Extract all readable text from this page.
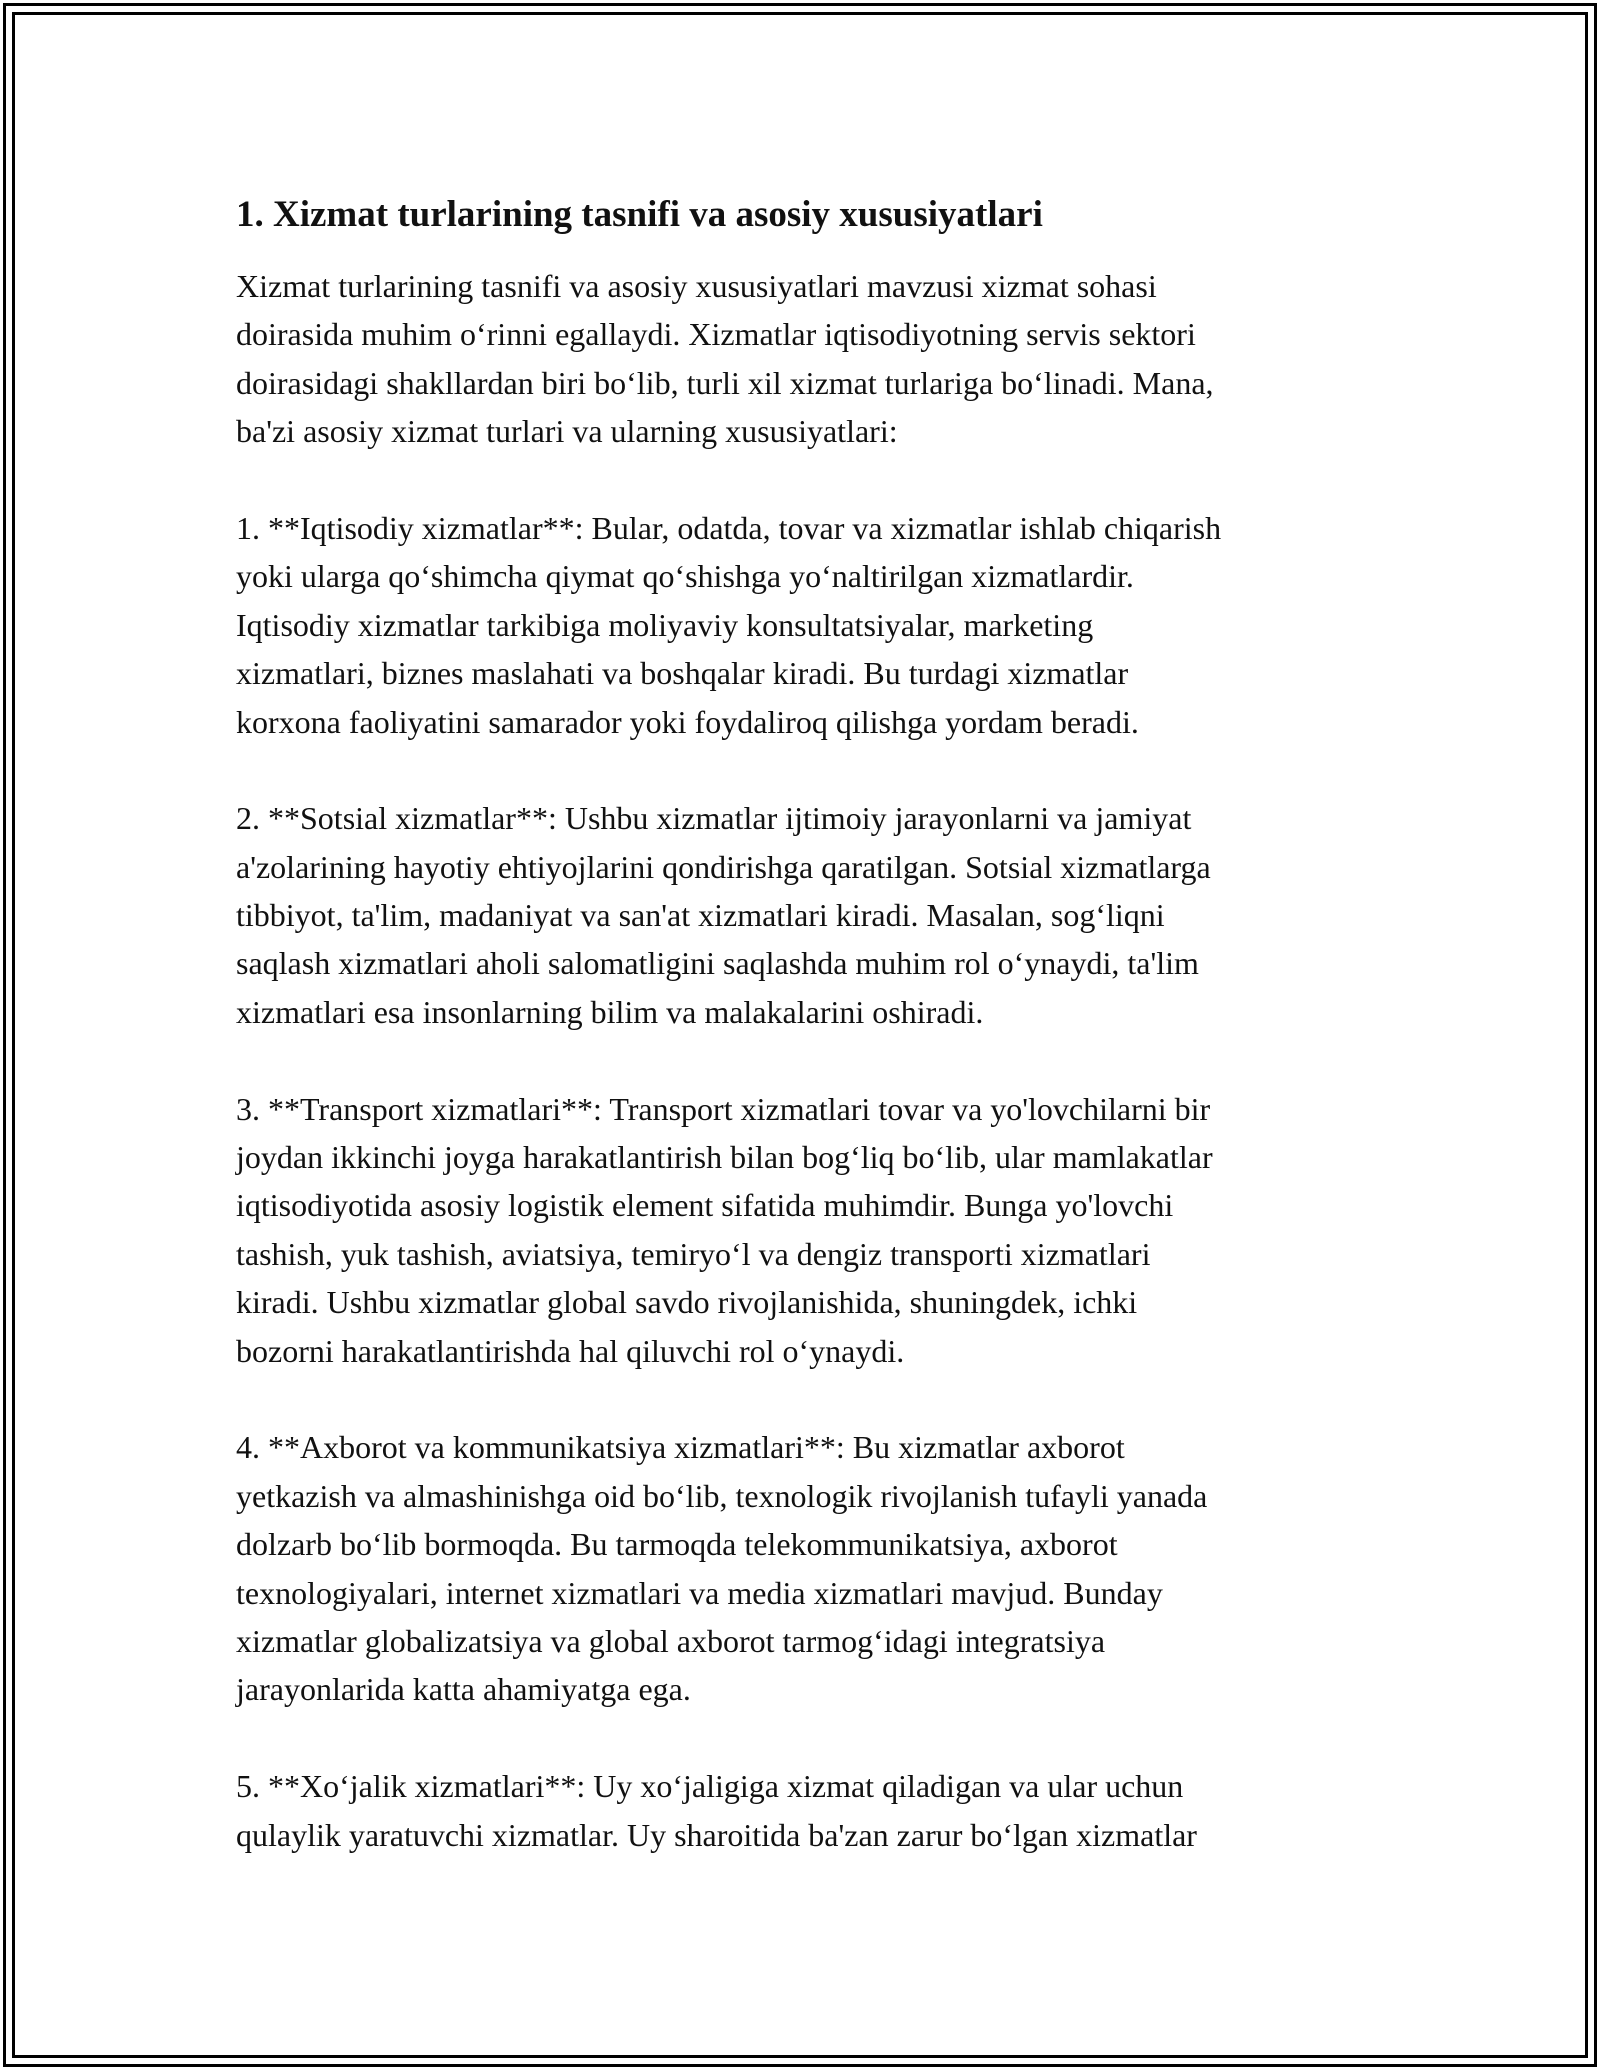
1. Xizmat turlarining tasnifi va asosiy xususiyatlari
Xizmat turlarining tasnifi va asosiy xususiyatlari mavzusi xizmat sohasi
doirasida muhim o‘rinni egallaydi. Xizmatlar iqtisodiyotning servis sektori
doirasidagi shakllardan biri bo‘lib, turli xil xizmat turlariga bo‘linadi. Mana,
ba'zi asosiy xizmat turlari va ularning xususiyatlari:
1. **Iqtisodiy xizmatlar**: Bular, odatda, tovar va xizmatlar ishlab chiqarish
yoki ularga qo‘shimcha qiymat qo‘shishga yo‘naltirilgan xizmatlardir.
Iqtisodiy xizmatlar tarkibiga moliyaviy konsultatsiyalar, marketing
xizmatlari, biznes maslahati va boshqalar kiradi. Bu turdagi xizmatlar
korxona faoliyatini samarador yoki foydaliroq qilishga yordam beradi.
2. **Sotsial xizmatlar**: Ushbu xizmatlar ijtimoiy jarayonlarni va jamiyat
a'zolarining hayotiy ehtiyojlarini qondirishga qaratilgan. Sotsial xizmatlarga
tibbiyot, ta'lim, madaniyat va san'at xizmatlari kiradi. Masalan, sog‘liqni
saqlash xizmatlari aholi salomatligini saqlashda muhim rol o‘ynaydi, ta'lim
xizmatlari esa insonlarning bilim va malakalarini oshiradi.
3. **Transport xizmatlari**: Transport xizmatlari tovar va yo'lovchilarni bir
joydan ikkinchi joyga harakatlantirish bilan bog‘liq bo‘lib, ular mamlakatlar
iqtisodiyotida asosiy logistik element sifatida muhimdir. Bunga yo'lovchi
tashish, yuk tashish, aviatsiya, temiryo‘l va dengiz transporti xizmatlari
kiradi. Ushbu xizmatlar global savdo rivojlanishida, shuningdek, ichki
bozorni harakatlantirishda hal qiluvchi rol o‘ynaydi.
4. **Axborot va kommunikatsiya xizmatlari**: Bu xizmatlar axborot
yetkazish va almashinishga oid bo‘lib, texnologik rivojlanish tufayli yanada
dolzarb bo‘lib bormoqda. Bu tarmoqda telekommunikatsiya, axborot
texnologiyalari, internet xizmatlari va media xizmatlari mavjud. Bunday
xizmatlar globalizatsiya va global axborot tarmog‘idagi integratsiya
jarayonlarida katta ahamiyatga ega.
5. **Xo‘jalik xizmatlari**: Uy xo‘jaligiga xizmat qiladigan va ular uchun
qulaylik yaratuvchi xizmatlar. Uy sharoitida ba'zan zarur bo‘lgan xizmatlar
